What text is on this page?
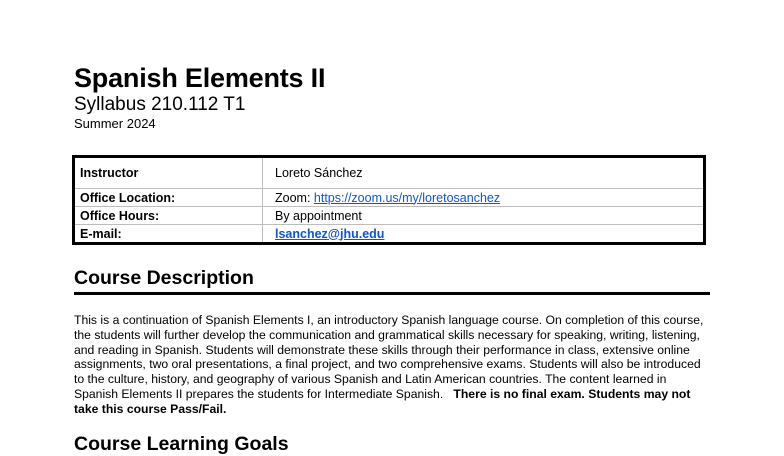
Spanish Elements II

Syllabus 210.112 T1

Summer 2024

Instructor	Loreto Sánchez
Office Location:	Zoom: https://zoom.us/my/loretosanchez
Office Hours:	By appointment
E-mail:	lsanchez@jhu.edu
Course Description

This is a continuation of Spanish Elements I, an introductory Spanish language course. On completion of this course, the students will further develop the communication and grammatical skills necessary for speaking, writing, listening, and reading in Spanish. Students will demonstrate these skills through their performance in class, extensive online assignments, two oral presentations, a final project, and two comprehensive exams. Students will also be introduced to the culture, history, and geography of various Spanish and Latin American countries. The content learned in Spanish Elements II prepares the students for Intermediate Spanish. There is no final exam. Students may not take this course Pass/Fail.

Course Learning Goals
